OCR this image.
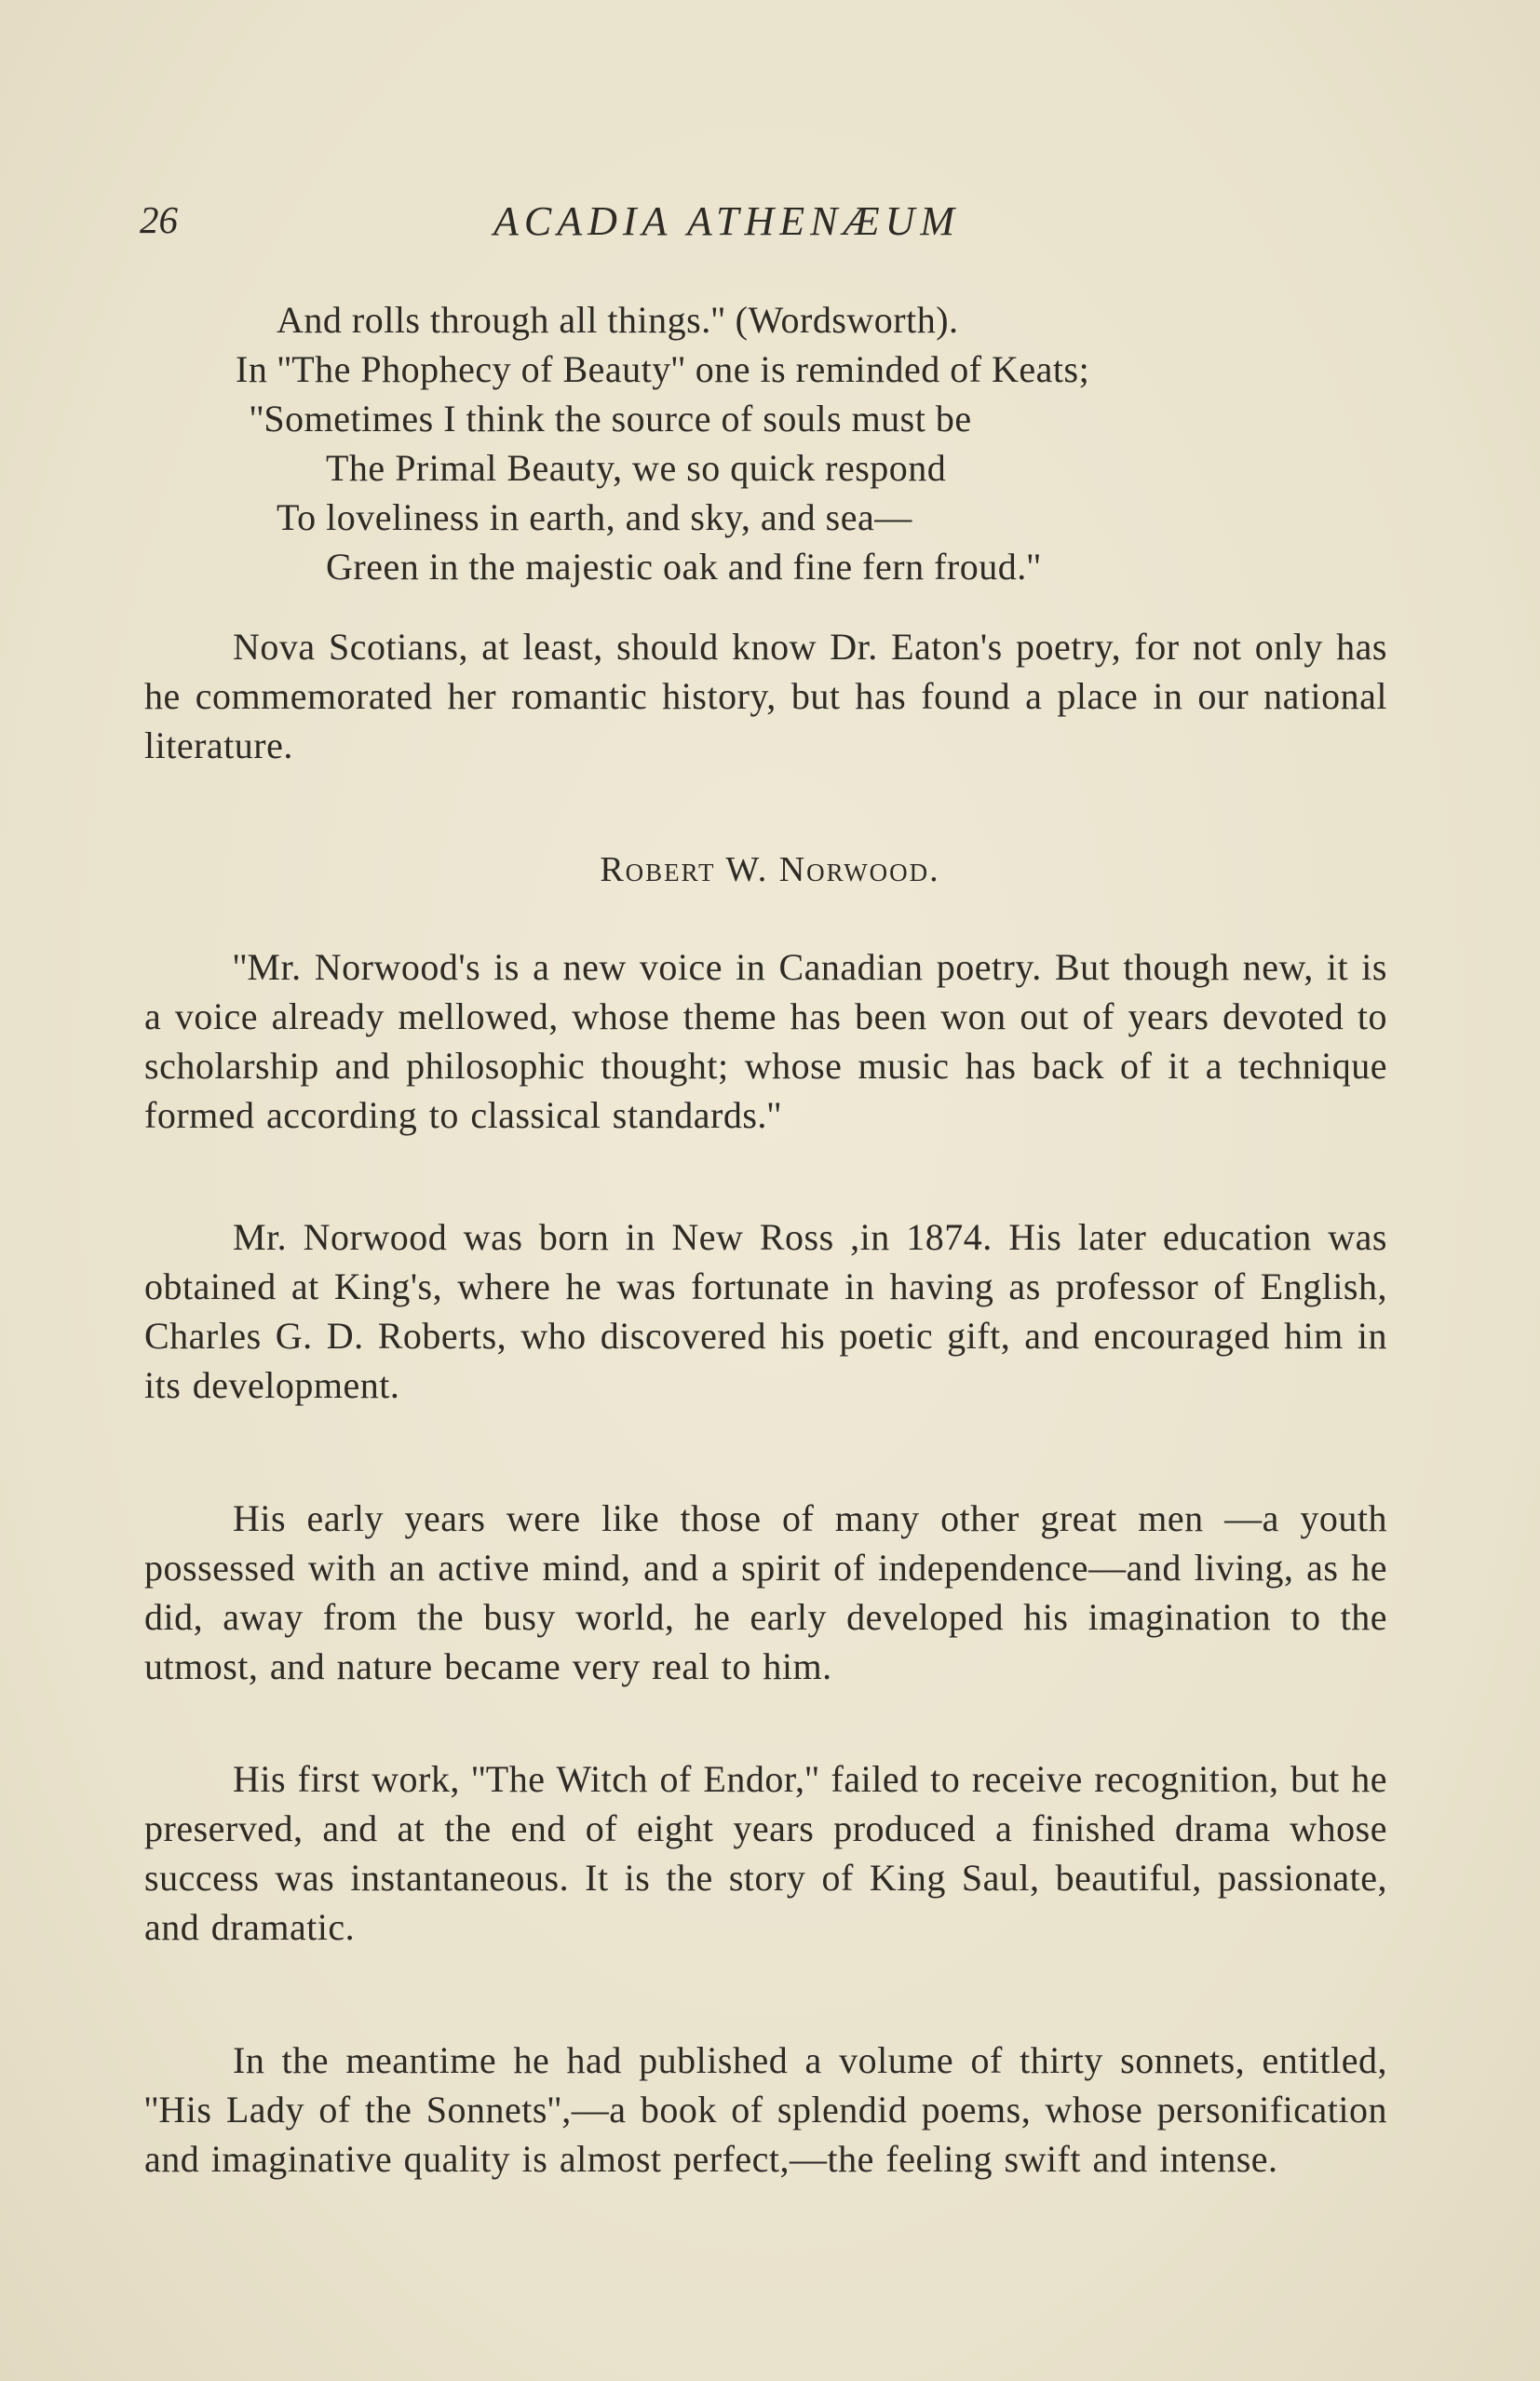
26	ACADIA ATHENÆUM
And rolls through all things.'' (Wordsworth).
In ''The Phophecy of Beauty'' one is reminded of Keats;
''Sometimes I think the source of souls must be
The Primal Beauty, we so quick respond
To loveliness in earth, and sky, and sea—
Green in the majestic oak and fine fern froud.''

Nova Scotians, at least, should know Dr. Eaton's poetry, for not only has he commemorated her romantic history, but has found a place in our national literature.

Robert W. Norwood.

''Mr. Norwood's is a new voice in Canadian poetry. But though new, it is a voice already mellowed, whose theme has been won out of years devoted to scholarship and philosophic thought; whose music has back of it a technique formed according to classical standards.''

Mr. Norwood was born in New Ross ,in 1874. His later education was obtained at King's, where he was fortunate in having as professor of English, Charles G. D. Roberts, who discovered his poetic gift, and encouraged him in its development.

His early years were like those of many other great men —a youth possessed with an active mind, and a spirit of independence—and living, as he did, away from the busy world, he early developed his imagination to the utmost, and nature became very real to him.

His first work, ''The Witch of Endor,'' failed to receive recognition, but he preserved, and at the end of eight years produced a finished drama whose success was instantaneous. It is the story of King Saul, beautiful, passionate, and dramatic.

In the meantime he had published a volume of thirty sonnets, entitled, ''His Lady of the Sonnets'',—a book of splendid poems, whose personification and imaginative quality is almost perfect,—the feeling swift and intense.
